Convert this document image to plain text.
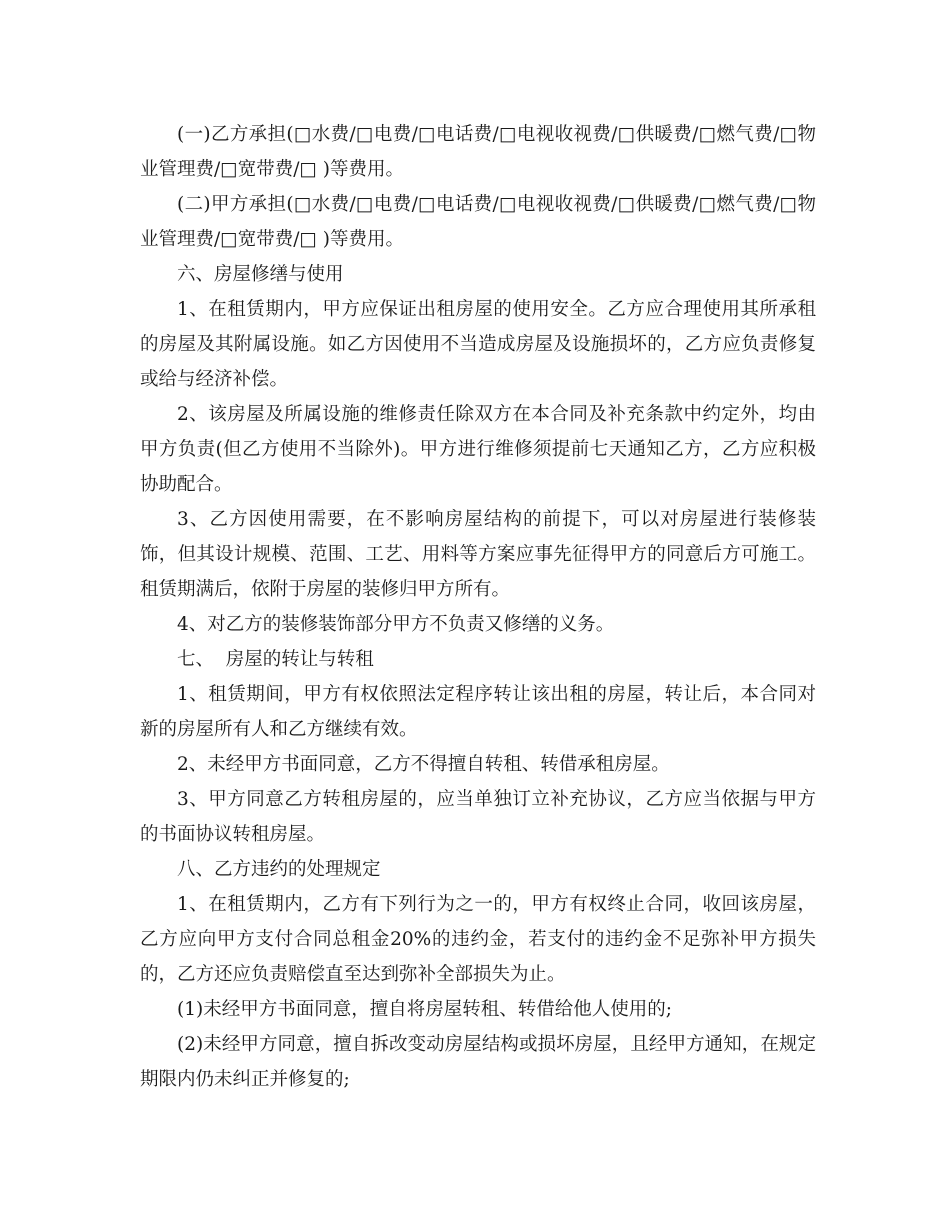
(一)乙方承担(□水费/□电费/□电话费/□电视收视费/□供暖费/□燃气费/□物业管理费/□宽带费/□ )等费用。

(二)甲方承担(□水费/□电费/□电话费/□电视收视费/□供暖费/□燃气费/□物业管理费/□宽带费/□ )等费用。

六、房屋修缮与使用

1、在租赁期内，甲方应保证出租房屋的使用安全。乙方应合理使用其所承租的房屋及其附属设施。如乙方因使用不当造成房屋及设施损坏的，乙方应负责修复或给与经济补偿。

2、该房屋及所属设施的维修责任除双方在本合同及补充条款中约定外，均由甲方负责(但乙方使用不当除外)。甲方进行维修须提前七天通知乙方，乙方应积极协助配合。

3、乙方因使用需要，在不影响房屋结构的前提下，可以对房屋进行装修装饰，但其设计规模、范围、工艺、用料等方案应事先征得甲方的同意后方可施工。租赁期满后，依附于房屋的装修归甲方所有。

4、对乙方的装修装饰部分甲方不负责又修缮的义务。

七、  房屋的转让与转租

1、租赁期间，甲方有权依照法定程序转让该出租的房屋，转让后，本合同对新的房屋所有人和乙方继续有效。

2、未经甲方书面同意，乙方不得擅自转租、转借承租房屋。

3、甲方同意乙方转租房屋的，应当单独订立补充协议，乙方应当依据与甲方的书面协议转租房屋。

八、乙方违约的处理规定

1、在租赁期内，乙方有下列行为之一的，甲方有权终止合同，收回该房屋，乙方应向甲方支付合同总租金20%的违约金，若支付的违约金不足弥补甲方损失的，乙方还应负责赔偿直至达到弥补全部损失为止。

(1)未经甲方书面同意，擅自将房屋转租、转借给他人使用的;

(2)未经甲方同意，擅自拆改变动房屋结构或损坏房屋，且经甲方通知，在规定期限内仍未纠正并修复的;
